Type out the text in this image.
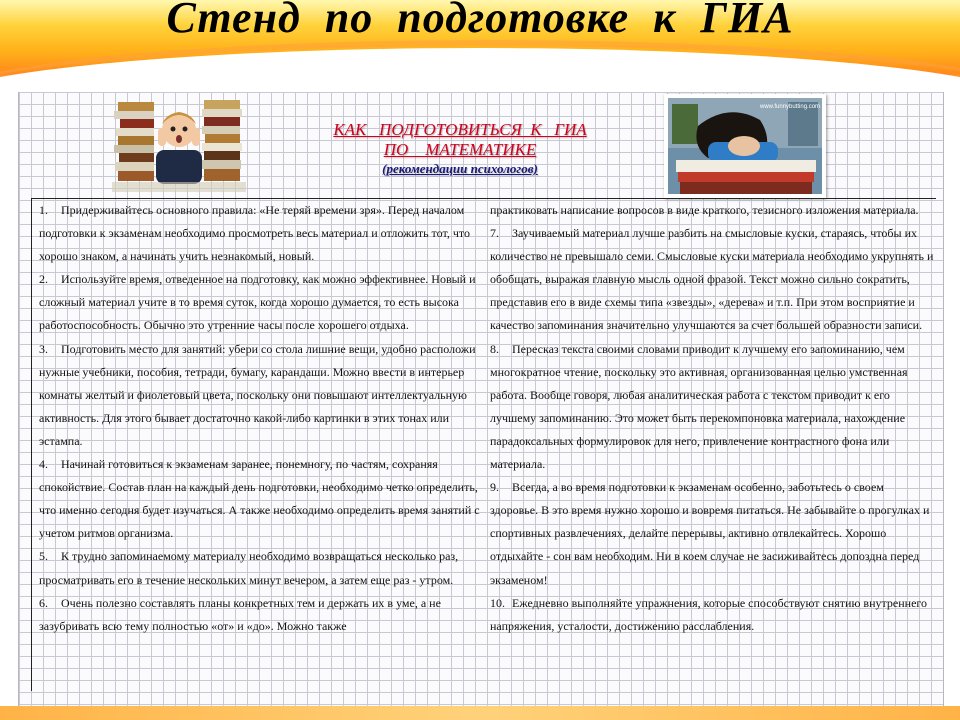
Стенд  по  подготовке  к  ГИА
www.funnybutting.com
КАК   ПОДГОТОВИТЬСЯ  К   ГИА
ПО    МАТЕМАТИКЕ
(рекомендации психологов)

1. Придерживайтесь основного правила: «Не теряй времени зря». Перед началом подготовки к экзаменам необходимо просмотреть весь материал и отложить тот, что хорошо знаком, а начинать учить незнакомый, новый.

2. Используйте время, отведенное на подготовку, как можно эффективнее. Новый и сложный материал учите в то время суток, когда хорошо думается, то есть высока работоспособность. Обычно это утренние часы после хорошего отдыха.

3. Подготовить место для занятий: убери со стола лишние вещи, удобно расположи нужные учебники, пособия, тетради, бумагу, карандаши. Можно ввести в интерьер комнаты желтый и фиолетовый цвета, поскольку они повышают интеллектуальную активность. Для этого бывает достаточно какой-либо картинки в этих тонах или эстампа.

4. Начинай готовиться к экзаменам заранее, понемногу, по частям, сохраняя спокойствие. Состав план на каждый день подготовки, необходимо четко определить, что именно сегодня будет изучаться. А также необходимо определить время занятий с учетом ритмов организма.

5. К трудно запоминаемому материалу необходимо возвращаться несколько раз, просматривать его в течение нескольких минут вечером, а затем еще раз - утром.

6. Очень полезно составлять планы конкретных тем и держать их в уме, а не зазубривать всю тему полностью «от» и «до». Можно также

практиковать написание вопросов в виде краткого, тезисного изложения материала.

7. Заучиваемый материал лучше разбить на смысловые куски, стараясь, чтобы их количество не превышало семи. Смысловые куски материала необходимо укрупнять и обобщать, выражая главную мысль одной фразой. Текст можно сильно сократить, представив его в виде схемы типа «звезды», «дерева» и т.п. При этом восприятие и качество запоминания значительно улучшаются за счет большей образности записи.

8. Пересказ текста своими словами приводит к лучшему его запоминанию, чем многократное чтение, поскольку это активная, организованная целью умственная работа. Вообще говоря, любая аналитическая работа с текстом приводит к его лучшему запоминанию. Это может быть перекомпоновка материала, нахождение парадоксальных формулировок для него, привлечение контрастного фона или материала.

9. Всегда, а во время подготовки к экзаменам особенно, заботьтесь о своем здоровье. В это время нужно хорошо и вовремя питаться. Не забывайте о прогулках и спортивных развлечениях, делайте перерывы, активно отвлекайтесь. Хорошо отдыхайте - сон вам необходим. Ни в коем случае не засиживайтесь допоздна перед экзаменом!

10. Ежедневно выполняйте упражнения, которые способствуют снятию внутреннего напряжения, усталости, достижению расслабления.
